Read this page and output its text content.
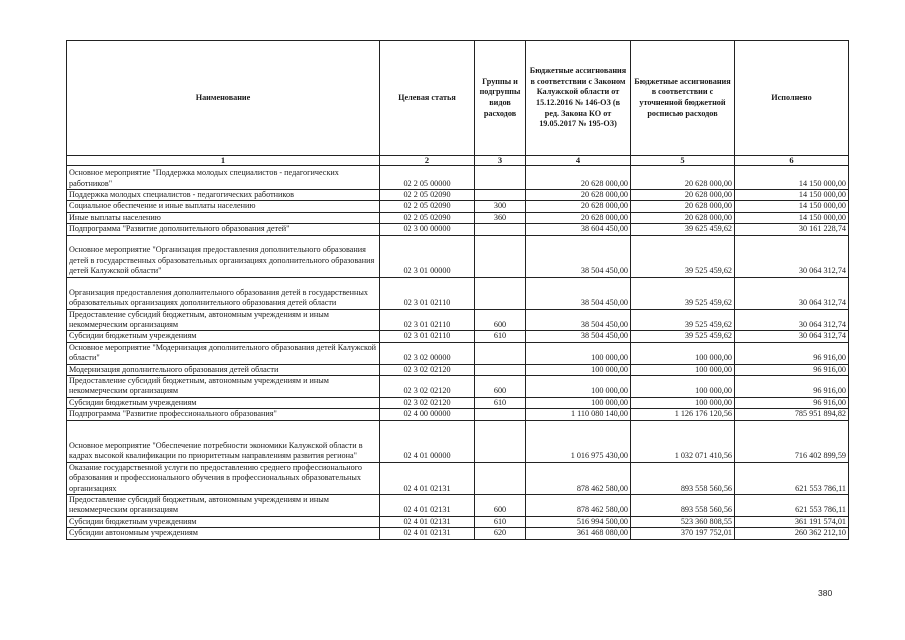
Наименование	Целевая статья	Группы и подгруппы видов расходов	Бюджетные ассигнования в соответствии с Законом Калужской области от 15.12.2016 № 146-ОЗ (в ред. Закона КО от 19.05.2017 № 195-ОЗ)	Бюджетные ассигнования в соответствии с уточненной бюджетной росписью расходов	Исполнено
1	2	3	4	5	6
Основное мероприятие "Поддержка молодых специалистов - педагогических работников"	02 2 05 00000		20 628 000,00	20 628 000,00	14 150 000,00
Поддержка молодых специалистов - педагогических работников	02 2 05 02090		20 628 000,00	20 628 000,00	14 150 000,00
Социальное обеспечение и иные выплаты населению	02 2 05 02090	300	20 628 000,00	20 628 000,00	14 150 000,00
Иные выплаты населению	02 2 05 02090	360	20 628 000,00	20 628 000,00	14 150 000,00
Подпрограмма "Развитие дополнительного образования детей"	02 3 00 00000		38 604 450,00	39 625 459,62	30 161 228,74
Основное мероприятие "Организация предоставления дополнительного образования детей в государственных образовательных организациях дополнительного образования детей Калужской области"	02 3 01 00000		38 504 450,00	39 525 459,62	30 064 312,74
Организация предоставления дополнительного образования детей в государственных образовательных организациях дополнительного образования детей области	02 3 01 02110		38 504 450,00	39 525 459,62	30 064 312,74
Предоставление субсидий бюджетным, автономным учреждениям и иным некоммерческим организациям	02 3 01 02110	600	38 504 450,00	39 525 459,62	30 064 312,74
Субсидии бюджетным учреждениям	02 3 01 02110	610	38 504 450,00	39 525 459,62	30 064 312,74
Основное мероприятие "Модернизация дополнительного образования детей Калужской области"	02 3 02 00000		100 000,00	100 000,00	96 916,00
Модернизация дополнительного образования детей области	02 3 02 02120		100 000,00	100 000,00	96 916,00
Предоставление субсидий бюджетным, автономным учреждениям и иным некоммерческим организациям	02 3 02 02120	600	100 000,00	100 000,00	96 916,00
Субсидии бюджетным учреждениям	02 3 02 02120	610	100 000,00	100 000,00	96 916,00
Подпрограмма "Развитие профессионального образования"	02 4 00 00000		1 110 080 140,00	1 126 176 120,56	785 951 894,82
Основное мероприятие "Обеспечение потребности экономики Калужской области в кадрах высокой квалификации по приоритетным направлениям развития региона"	02 4 01 00000		1 016 975 430,00	1 032 071 410,56	716 402 899,59
Оказание государственной услуги по предоставлению среднего профессионального образования и профессионального обучения в профессиональных образовательных организациях	02 4 01 02131		878 462 580,00	893 558 560,56	621 553 786,11
Предоставление субсидий бюджетным, автономным учреждениям и иным некоммерческим организациям	02 4 01 02131	600	878 462 580,00	893 558 560,56	621 553 786,11
Субсидии бюджетным учреждениям	02 4 01 02131	610	516 994 500,00	523 360 808,55	361 191 574,01
Субсидии автономным учреждениям	02 4 01 02131	620	361 468 080,00	370 197 752,01	260 362 212,10
380
